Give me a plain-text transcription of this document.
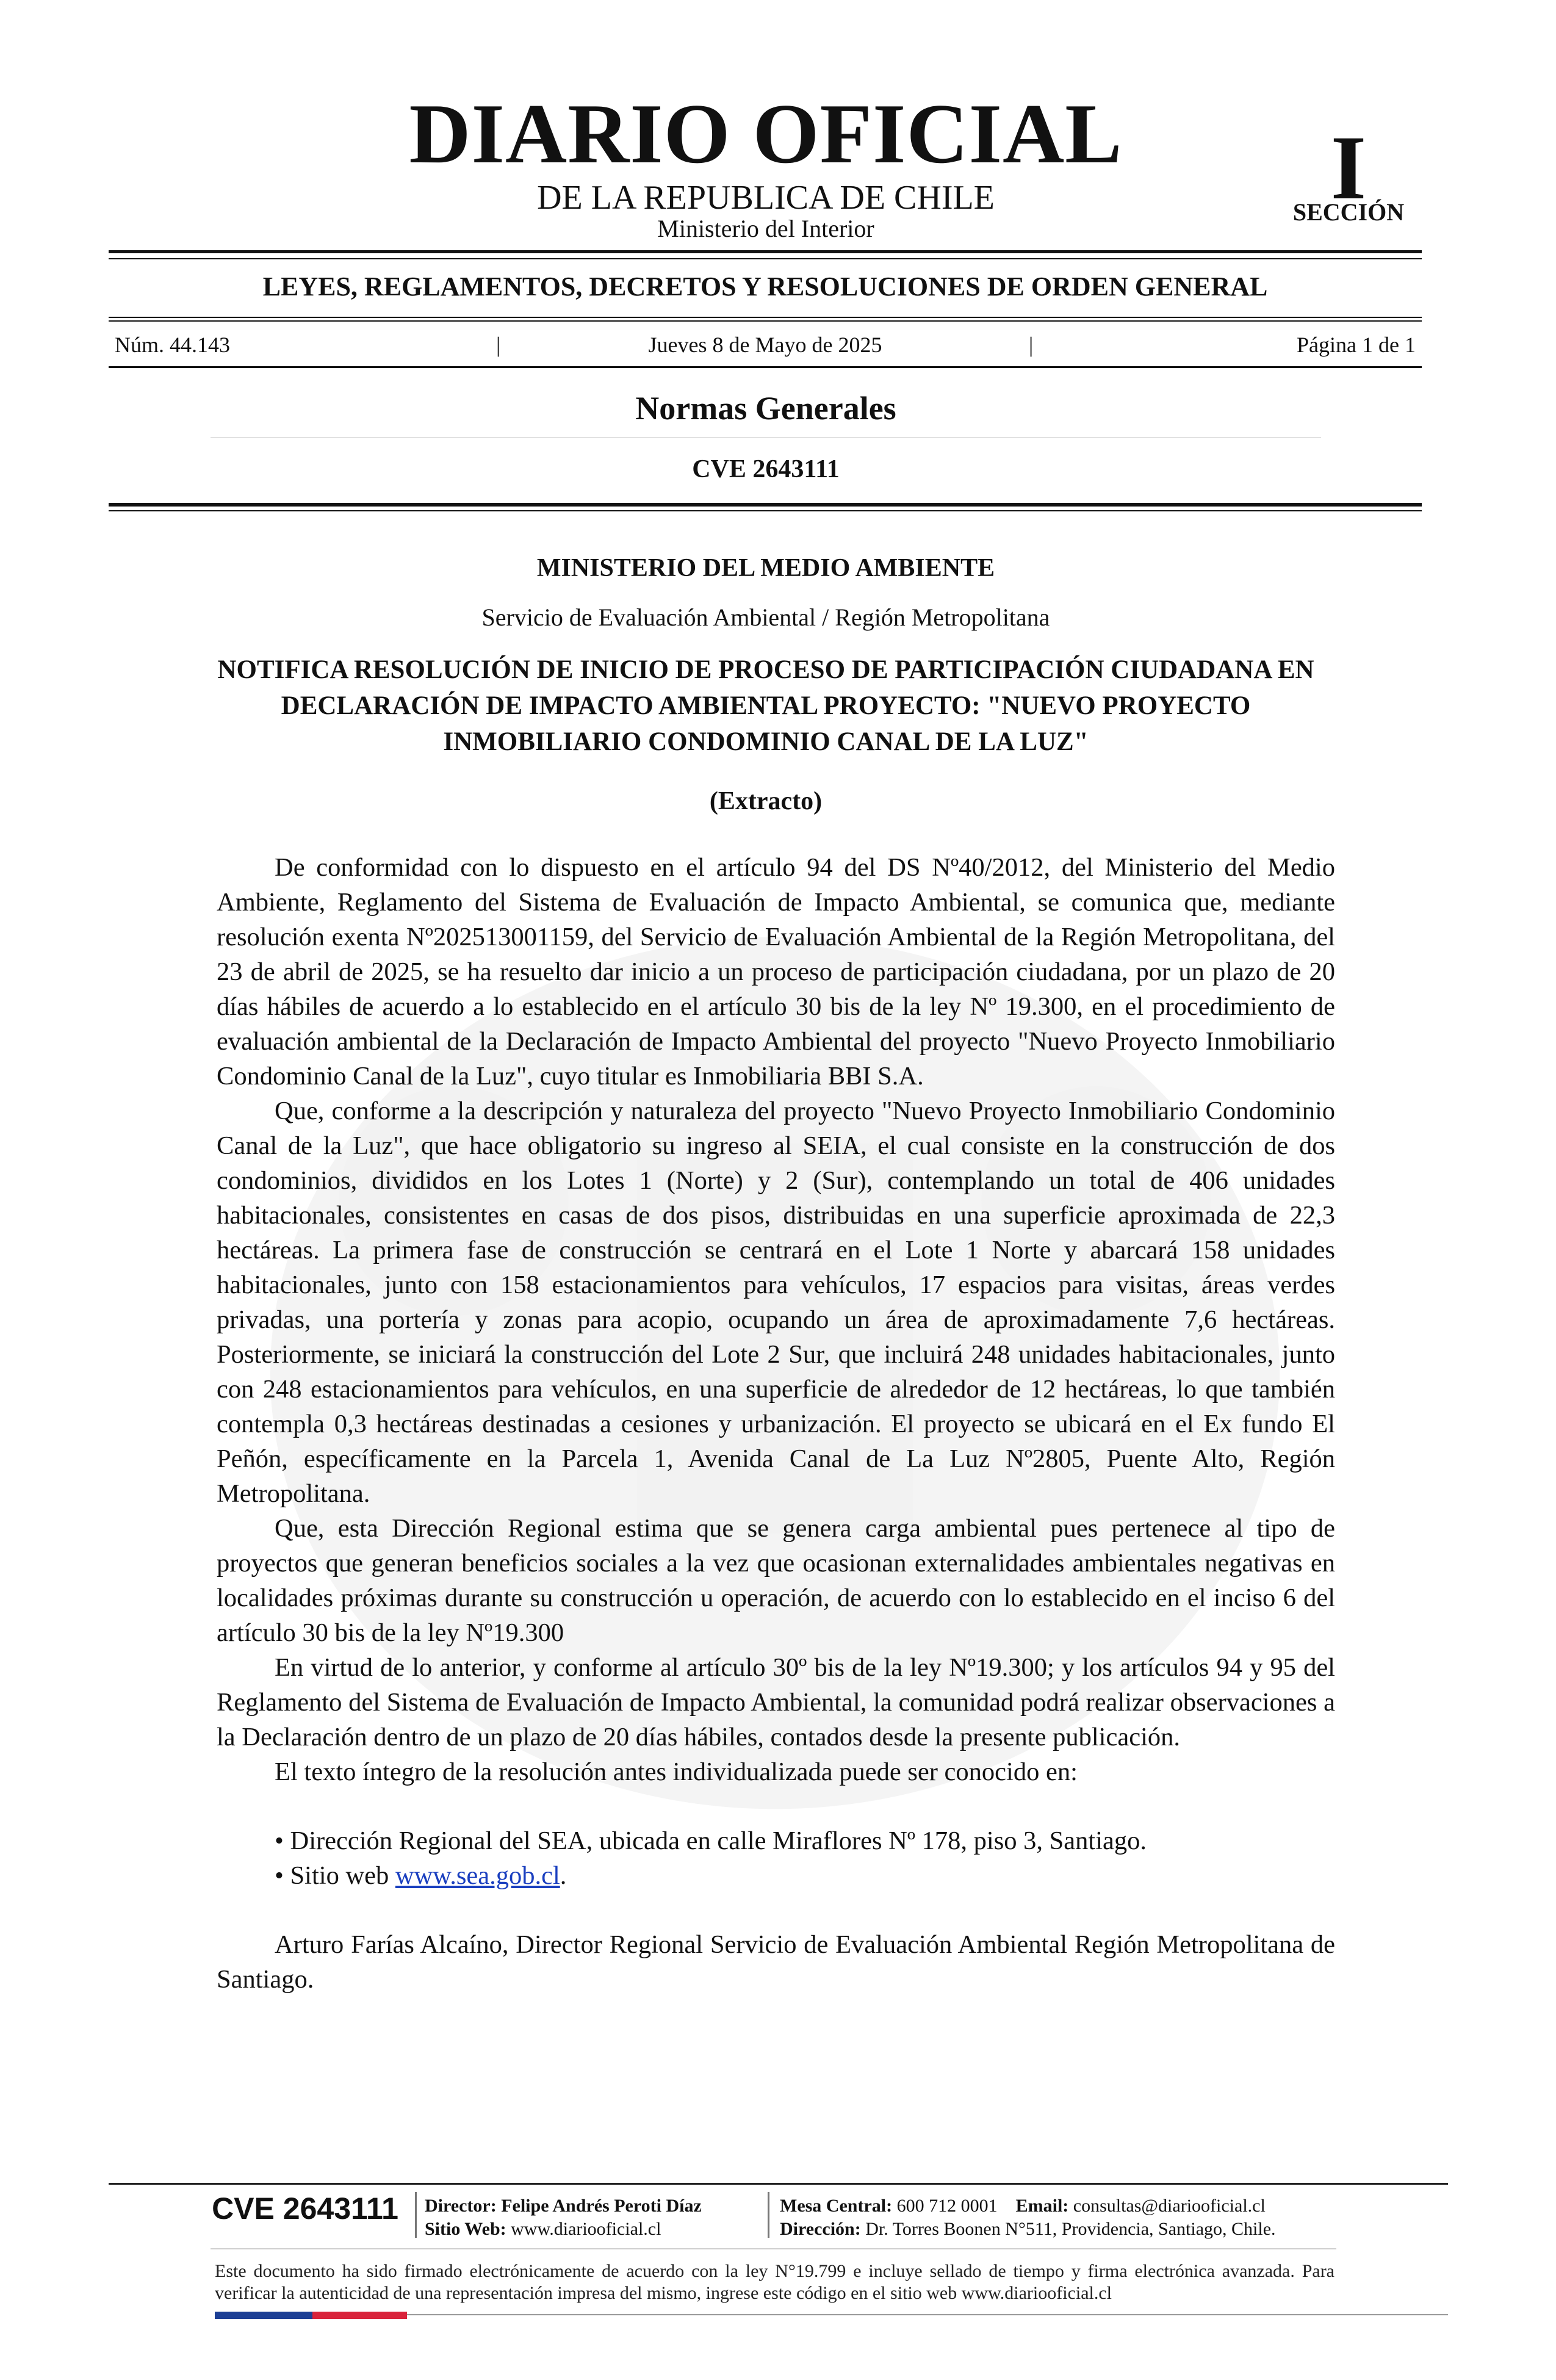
DIARIO OFICIAL
DE LA REPUBLICA DE CHILE
Ministerio del Interior
I
SECCIÓN
LEYES, REGLAMENTOS, DECRETOS Y RESOLUCIONES DE ORDEN GENERAL
Núm. 44.143	|	Jueves 8 de Mayo de 2025	|	Página 1 de 1
Normas Generales
CVE 2643111
MINISTERIO DEL MEDIO AMBIENTE
Servicio de Evaluación Ambiental / Región Metropolitana
NOTIFICA RESOLUCIÓN DE INICIO DE PROCESO DE PARTICIPACIÓN CIUDADANA EN DECLARACIÓN DE IMPACTO AMBIENTAL PROYECTO: "NUEVO PROYECTO INMOBILIARIO CONDOMINIO CANAL DE LA LUZ"
(Extracto)

De conformidad con lo dispuesto en el artículo 94 del DS Nº40/2012, del Ministerio del Medio Ambiente, Reglamento del Sistema de Evaluación de Impacto Ambiental, se comunica que, mediante resolución exenta Nº202513001159, del Servicio de Evaluación Ambiental de la Región Metropolitana, del 23 de abril de 2025, se ha resuelto dar inicio a un proceso de participación ciudadana, por un plazo de 20 días hábiles de acuerdo a lo establecido en el artículo 30 bis de la ley Nº 19.300, en el procedimiento de evaluación ambiental de la Declaración de Impacto Ambiental del proyecto "Nuevo Proyecto Inmobiliario Condominio Canal de la Luz", cuyo titular es Inmobiliaria BBI S.A.

Que, conforme a la descripción y naturaleza del proyecto "Nuevo Proyecto Inmobiliario Condominio Canal de la Luz", que hace obligatorio su ingreso al SEIA, el cual consiste en la construcción de dos condominios, divididos en los Lotes 1 (Norte) y 2 (Sur), contemplando un total de 406 unidades habitacionales, consistentes en casas de dos pisos, distribuidas en una superficie aproximada de 22,3 hectáreas. La primera fase de construcción se centrará en el Lote 1 Norte y abarcará 158 unidades habitacionales, junto con 158 estacionamientos para vehículos, 17 espacios para visitas, áreas verdes privadas, una portería y zonas para acopio, ocupando un área de aproximadamente 7,6 hectáreas. Posteriormente, se iniciará la construcción del Lote 2 Sur, que incluirá 248 unidades habitacionales, junto con 248 estacionamientos para vehículos, en una superficie de alrededor de 12 hectáreas, lo que también contempla 0,3 hectáreas destinadas a cesiones y urbanización. El proyecto se ubicará en el Ex fundo El Peñón, específicamente en la Parcela 1, Avenida Canal de La Luz Nº2805, Puente Alto, Región Metropolitana.

Que, esta Dirección Regional estima que se genera carga ambiental pues pertenece al tipo de proyectos que generan beneficios sociales a la vez que ocasionan externalidades ambientales negativas en localidades próximas durante su construcción u operación, de acuerdo con lo establecido en el inciso 6 del artículo 30 bis de la ley Nº19.300

En virtud de lo anterior, y conforme al artículo 30º bis de la ley Nº19.300; y los artículos 94 y 95 del Reglamento del Sistema de Evaluación de Impacto Ambiental, la comunidad podrá realizar observaciones a la Declaración dentro de un plazo de 20 días hábiles, contados desde la presente publicación.

El texto íntegro de la resolución antes individualizada puede ser conocido en:

• Dirección Regional del SEA, ubicada en calle Miraflores Nº 178, piso 3, Santiago.

• Sitio web www.sea.gob.cl.

Arturo Farías Alcaíno, Director Regional Servicio de Evaluación Ambiental Región Metropolitana de Santiago.

CVE 2643111 Director: Felipe Andrés Peroti Díaz
Sitio Web: www.diariooficial.cl
Mesa Central: 600 712 0001 Email: consultas@diariooficial.cl
Dirección: Dr. Torres Boonen N°511, Providencia, Santiago, Chile.
Este documento ha sido firmado electrónicamente de acuerdo con la ley N°19.799 e incluye sellado de tiempo y firma electrónica avanzada. Para verificar la autenticidad de una representación impresa del mismo, ingrese este código en el sitio web www.diariooficial.cl
